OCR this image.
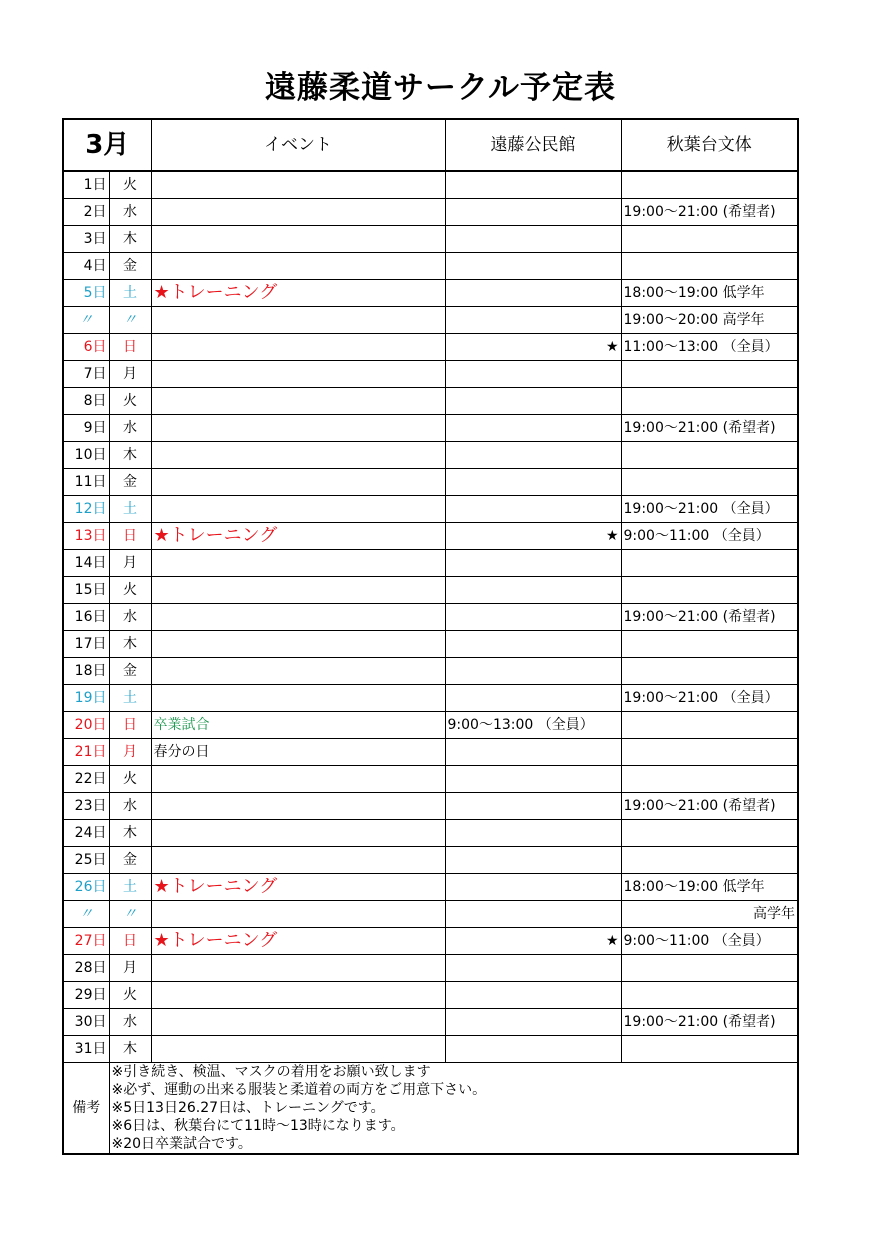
遠藤柔道サークル予定表
3月		イベント	遠藤公民館	秋葉台文体
1日	火			
2日	水			19:00～21:00 (希望者)
3日	木			
4日	金			
5日	土	★トレーニング		18:00～19:00 低学年
〃	〃			19:00～20:00 高学年
6日	日		★	11:00～13:00 （全員）
7日	月			
8日	火			
9日	水			19:00～21:00 (希望者)
10日	木			
11日	金			
12日	土			19:00～21:00 （全員）
13日	日	★トレーニング	★	9:00～11:00 （全員）
14日	月			
15日	火			
16日	水			19:00～21:00 (希望者)
17日	木			
18日	金			
19日	土			19:00～21:00 （全員）
20日	日	卒業試合	9:00～13:00 （全員）	
21日	月	春分の日		
22日	火			
23日	水			19:00～21:00 (希望者)
24日	木			
25日	金			
26日	土	★トレーニング		18:00～19:00 低学年
〃	〃			高学年
27日	日	★トレーニング	★	9:00～11:00 （全員）
28日	月			
29日	火			
30日	水			19:00～21:00 (希望者)
31日	木			
備考	※引き続き、検温、マスクの着用をお願い致します
※必ず、運動の出来る服装と柔道着の両方をご用意下さい。
※5日13日26.27日は、トレーニングです。
※6日は、秋葉台にて11時～13時になります。
※20日卒業試合です。			
